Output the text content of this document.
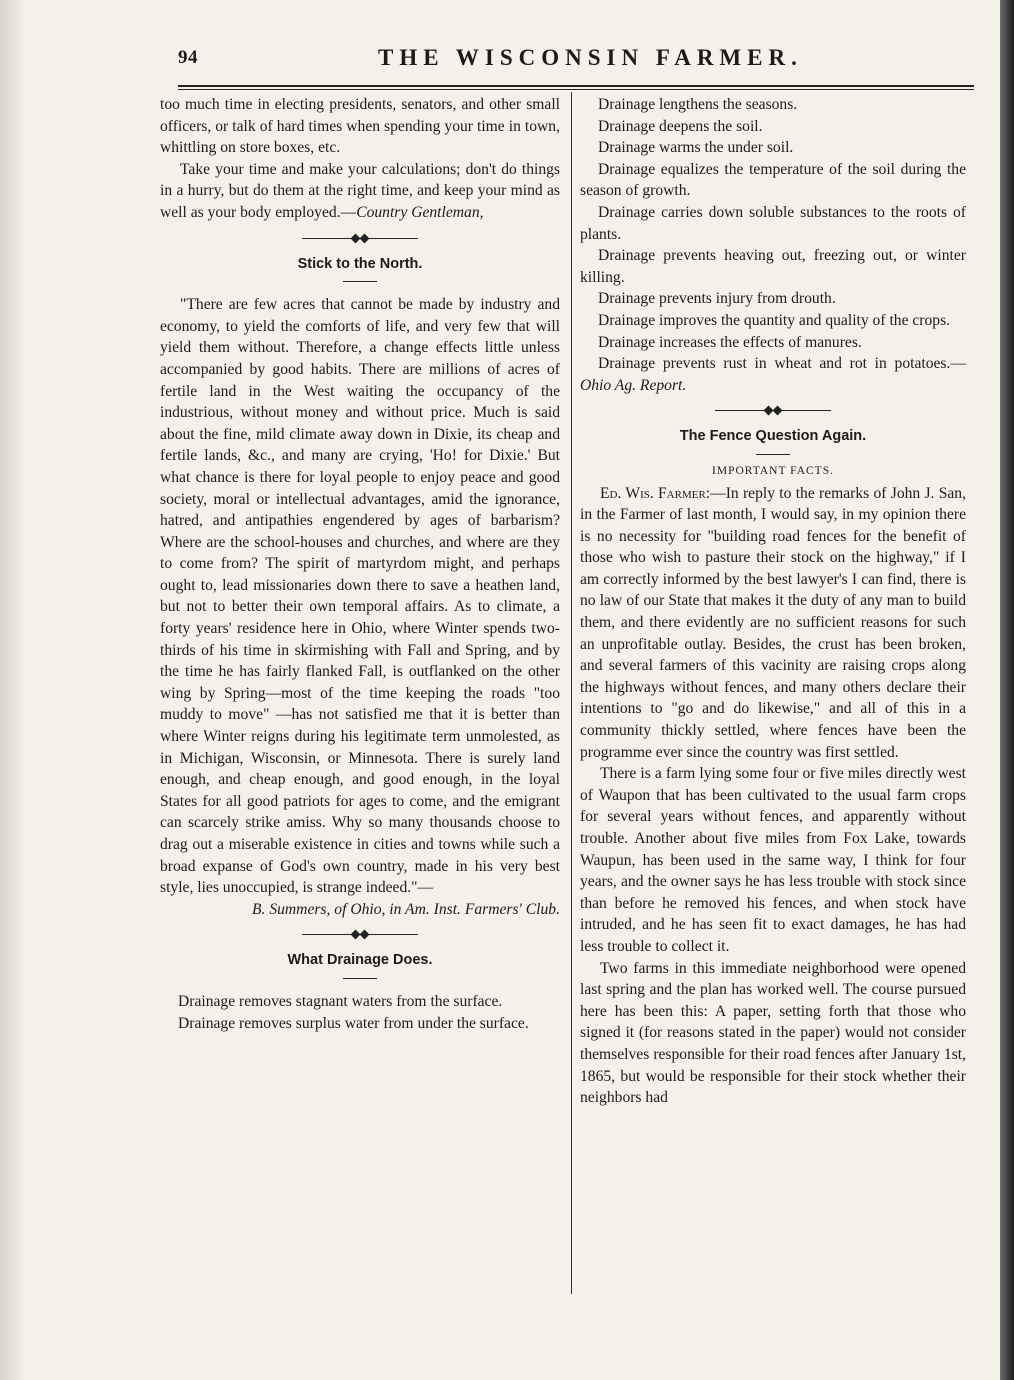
94	THE WISCONSIN FARMER.

too much time in electing presidents, senators, and other small officers, or talk of hard times when spending your time in town, whittling on store boxes, etc.

Take your time and make your calculations; don't do things in a hurry, but do them at the right time, and keep your mind as well as your body employed.—Country Gentleman,

Stick to the North.

"There are few acres that cannot be made by industry and economy, to yield the comforts of life, and very few that will yield them without. Therefore, a change effects little unless accompanied by good habits. There are millions of acres of fertile land in the West waiting the occupancy of the industrious, without money and without price. Much is said about the fine, mild climate away down in Dixie, its cheap and fertile lands, &c., and many are crying, 'Ho! for Dixie.' But what chance is there for loyal people to enjoy peace and good society, moral or intellectual advantages, amid the ignorance, hatred, and antipathies engendered by ages of barbarism? Where are the school-houses and churches, and where are they to come from? The spirit of martyrdom might, and perhaps ought to, lead missionaries down there to save a heathen land, but not to better their own temporal affairs. As to climate, a forty years' residence here in Ohio, where Winter spends two-thirds of his time in skirmishing with Fall and Spring, and by the time he has fairly flanked Fall, is outflanked on the other wing by Spring—most of the time keeping the roads "too muddy to move" —has not satisfied me that it is better than where Winter reigns during his legitimate term unmolested, as in Michigan, Wisconsin, or Minnesota. There is surely land enough, and cheap enough, and good enough, in the loyal States for all good patriots for ages to come, and the emigrant can scarcely strike amiss. Why so many thousands choose to drag out a miserable existence in cities and towns while such a broad expanse of God's own country, made in his very best style, lies unoccupied, is strange indeed."—

B. Summers, of Ohio, in Am. Inst. Farmers' Club.

What Drainage Does.

Drainage removes stagnant waters from the surface.

Drainage removes surplus water from under the surface.

Drainage lengthens the seasons.

Drainage deepens the soil.

Drainage warms the under soil.

Drainage equalizes the temperature of the soil during the season of growth.

Drainage carries down soluble substances to the roots of plants.

Drainage prevents heaving out, freezing out, or winter killing.

Drainage prevents injury from drouth.

Drainage improves the quantity and quality of the crops.

Drainage increases the effects of manures.

Drainage prevents rust in wheat and rot in potatoes.—Ohio Ag. Report.

The Fence Question Again.

IMPORTANT FACTS.

Ed. Wis. Farmer:—In reply to the remarks of John J. San, in the Farmer of last month, I would say, in my opinion there is no necessity for "building road fences for the benefit of those who wish to pasture their stock on the highway," if I am correctly informed by the best lawyer's I can find, there is no law of our State that makes it the duty of any man to build them, and there evidently are no sufficient reasons for such an unprofitable outlay. Besides, the crust has been broken, and several farmers of this vacinity are raising crops along the highways without fences, and many others declare their intentions to "go and do likewise," and all of this in a community thickly settled, where fences have been the programme ever since the country was first settled.

There is a farm lying some four or five miles directly west of Waupon that has been cultivated to the usual farm crops for several years without fences, and apparently without trouble. Another about five miles from Fox Lake, towards Waupun, has been used in the same way, I think for four years, and the owner says he has less trouble with stock since than before he removed his fences, and when stock have intruded, and he has seen fit to exact damages, he has had less trouble to collect it.

Two farms in this immediate neighborhood were opened last spring and the plan has worked well. The course pursued here has been this: A paper, setting forth that those who signed it (for reasons stated in the paper) would not consider themselves responsible for their road fences after January 1st, 1865, but would be responsible for their stock whether their neighbors had
